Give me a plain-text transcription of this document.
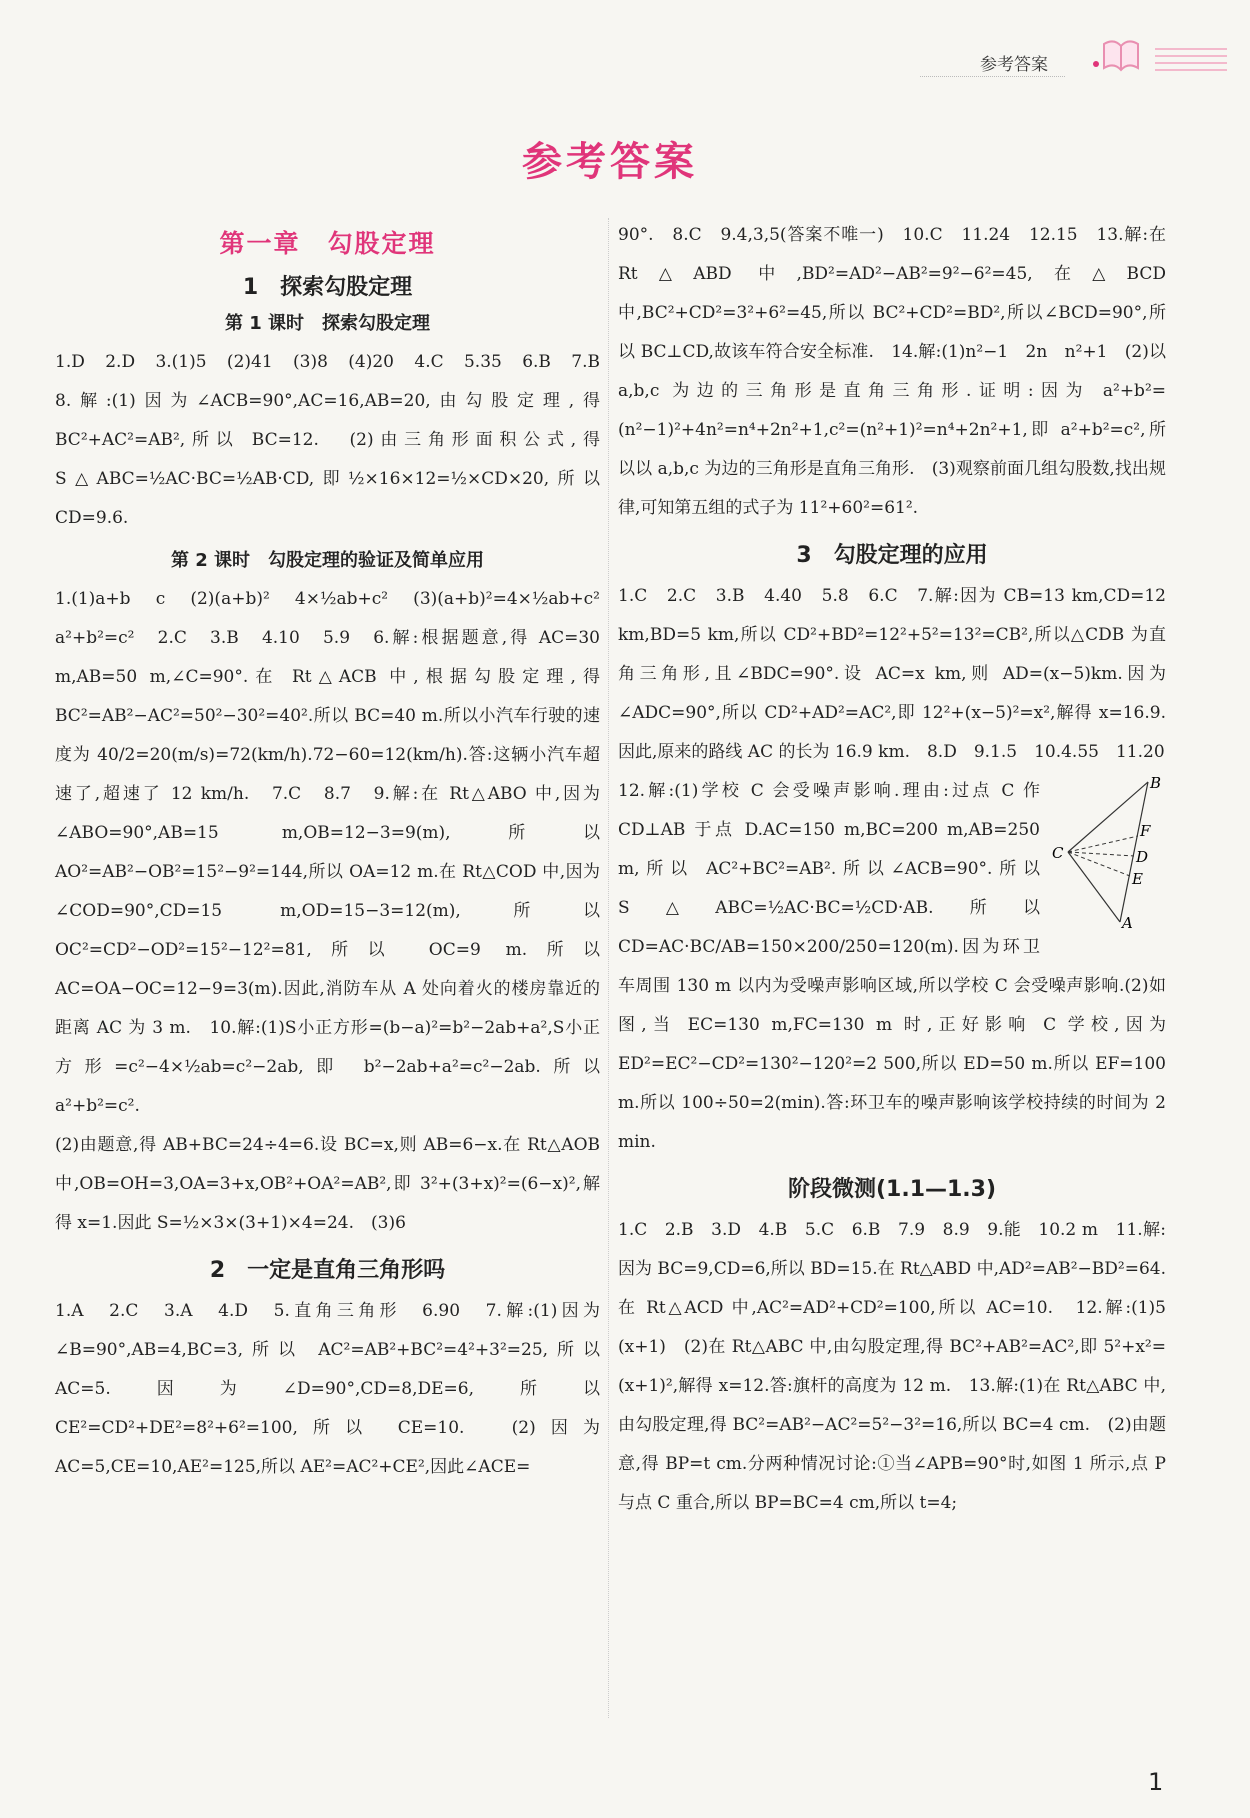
参考答案
参考答案
第一章　勾股定理
1　探索勾股定理
第 1 课时　探索勾股定理

1.D　2.D　3.(1)5　(2)41　(3)8　(4)20　4.C　5.35　6.B　7.B　8.解:(1)因为∠ACB=90°,AC=16,AB=20,由勾股定理,得 BC²+AC²=AB²,所以 BC=12.　(2)由三角形面积公式,得 S△ABC=½AC·BC=½AB·CD,即½×16×12=½×CD×20,所以 CD=9.6.

第 2 课时　勾股定理的验证及简单应用

1.(1)a+b　c　(2)(a+b)²　4×½ab+c²　(3)(a+b)²=4×½ab+c²　a²+b²=c²　2.C　3.B　4.10　5.9　6.解:根据题意,得 AC=30 m,AB=50 m,∠C=90°.在 Rt△ACB 中,根据勾股定理,得 BC²=AB²−AC²=50²−30²=40².所以 BC=40 m.所以小汽车行驶的速度为 40/2=20(m/s)=72(km/h).72−60=12(km/h).答:这辆小汽车超速了,超速了 12 km/h.　7.C　8.7　9.解:在 Rt△ABO 中,因为∠ABO=90°,AB=15 m,OB=12−3=9(m),所以 AO²=AB²−OB²=15²−9²=144,所以 OA=12 m.在 Rt△COD 中,因为∠COD=90°,CD=15 m,OD=15−3=12(m),所以 OC²=CD²−OD²=15²−12²=81,所以 OC=9 m.所以 AC=OA−OC=12−9=3(m).因此,消防车从 A 处向着火的楼房靠近的距离 AC 为 3 m.　10.解:(1)S小正方形=(b−a)²=b²−2ab+a²,S小正方形=c²−4×½ab=c²−2ab,即 b²−2ab+a²=c²−2ab.所以 a²+b²=c².

(2)由题意,得 AB+BC=24÷4=6.设 BC=x,则 AB=6−x.在 Rt△AOB 中,OB=OH=3,OA=3+x,OB²+OA²=AB²,即 3²+(3+x)²=(6−x)²,解得 x=1.因此 S=½×3×(3+1)×4=24.　(3)6

2　一定是直角三角形吗

1.A　2.C　3.A　4.D　5.直角三角形　6.90　7.解:(1)因为∠B=90°,AB=4,BC=3,所以 AC²=AB²+BC²=4²+3²=25,所以 AC=5.因为∠D=90°,CD=8,DE=6,所以 CE²=CD²+DE²=8²+6²=100,所以 CE=10.　(2)因为 AC=5,CE=10,AE²=125,所以 AE²=AC²+CE²,因此∠ACE=

90°.　8.C　9.4,3,5(答案不唯一)　10.C　11.24　12.15　13.解:在 Rt△ABD 中,BD²=AD²−AB²=9²−6²=45,在△BCD 中,BC²+CD²=3²+6²=45,所以 BC²+CD²=BD²,所以∠BCD=90°,所以 BC⊥CD,故该车符合安全标准.　14.解:(1)n²−1　2n　n²+1　(2)以 a,b,c 为边的三角形是直角三角形.证明:因为 a²+b²=(n²−1)²+4n²=n⁴+2n²+1,c²=(n²+1)²=n⁴+2n²+1,即 a²+b²=c²,所以以 a,b,c 为边的三角形是直角三角形.　(3)观察前面几组勾股数,找出规律,可知第五组的式子为 11²+60²=61².

3　勾股定理的应用

1.C　2.C　3.B　4.40　5.8　6.C　7.解:因为 CB=13 km,CD=12 km,BD=5 km,所以 CD²+BD²=12²+5²=13²=CB²,所以△CDB 为直角三角形,且∠BDC=90°.设 AC=x km,则 AD=(x−5)km.因为∠ADC=90°,所以 CD²+AD²=AC²,即 12²+(x−5)²=x²,解得 x=16.9.因此,原来的路线 AC 的长为 16.9 km.　8.D　9.1.5　10.4.55　11.20

B
F
C	D
E
A

12.解:(1)学校 C 会受噪声影响.理由:过点 C 作 CD⊥AB 于点 D.AC=150 m,BC=200 m,AB=250 m,所以 AC²+BC²=AB².所以∠ACB=90°.所以 S△ABC=½AC·BC=½CD·AB.所以 CD=AC·BC/AB=150×200/250=120(m).因为环卫车周围 130 m 以内为受噪声影响区域,所以学校 C 会受噪声影响.(2)如图,当 EC=130 m,FC=130 m 时,正好影响 C 学校,因为 ED²=EC²−CD²=130²−120²=2 500,所以 ED=50 m.所以 EF=100 m.所以 100÷50=2(min).答:环卫车的噪声影响该学校持续的时间为 2 min.

阶段微测(1.1—1.3)

1.C　2.B　3.D　4.B　5.C　6.B　7.9　8.9　9.能　10.2 m　11.解:因为 BC=9,CD=6,所以 BD=15.在 Rt△ABD 中,AD²=AB²−BD²=64.在 Rt△ACD 中,AC²=AD²+CD²=100,所以 AC=10.　12.解:(1)5　(x+1)　(2)在 Rt△ABC 中,由勾股定理,得 BC²+AB²=AC²,即 5²+x²=(x+1)²,解得 x=12.答:旗杆的高度为 12 m.　13.解:(1)在 Rt△ABC 中,由勾股定理,得 BC²=AB²−AC²=5²−3²=16,所以 BC=4 cm.　(2)由题意,得 BP=t cm.分两种情况讨论:①当∠APB=90°时,如图 1 所示,点 P 与点 C 重合,所以 BP=BC=4 cm,所以 t=4;

1
